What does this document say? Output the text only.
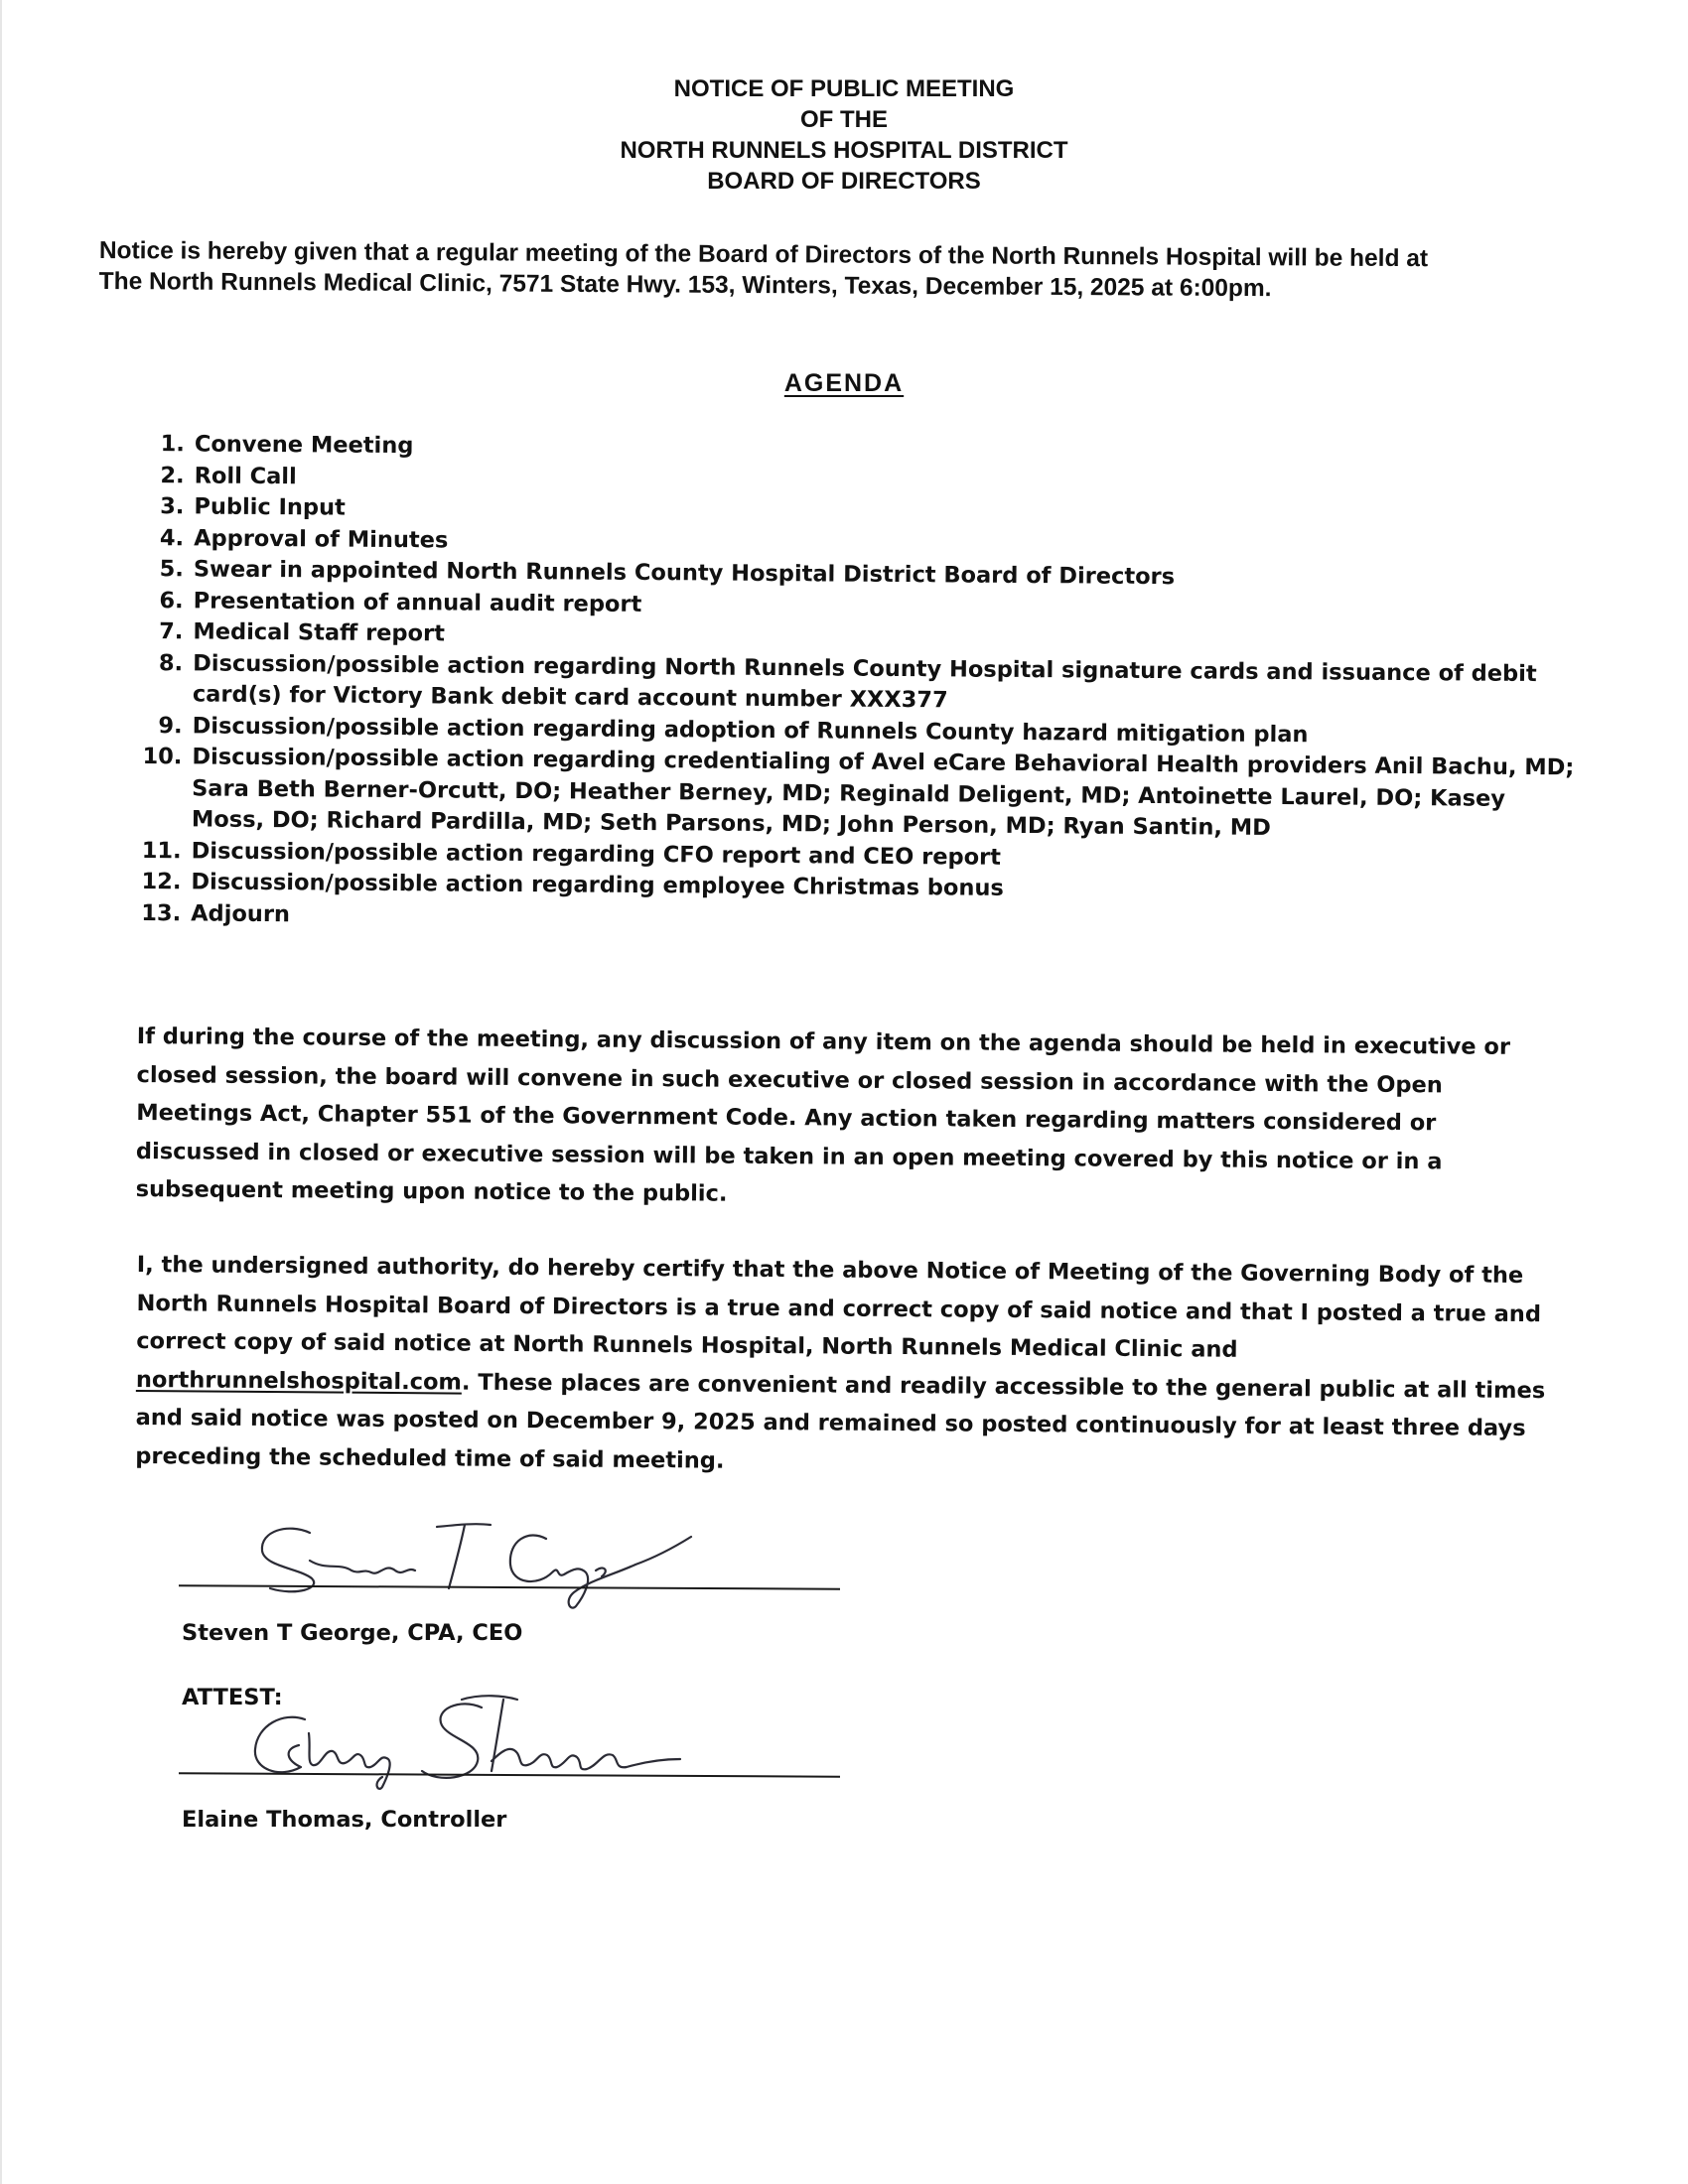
NOTICE OF PUBLIC MEETING
OF THE
NORTH RUNNELS HOSPITAL DISTRICT
BOARD OF DIRECTORS
Notice is hereby given that a regular meeting of the Board of Directors of the North Runnels Hospital will be held at
The North Runnels Medical Clinic, 7571 State Hwy. 153, Winters, Texas, December 15, 2025 at 6:00pm.
AGENDA
1. Convene Meeting
2. Roll Call
3. Public Input
4. Approval of Minutes
5. Swear in appointed North Runnels County Hospital District Board of Directors
6. Presentation of annual audit report
7. Medical Staff report
8. Discussion/possible action regarding North Runnels County Hospital signature cards and issuance of debit card(s) for Victory Bank debit card account number XXX377
9. Discussion/possible action regarding adoption of Runnels County hazard mitigation plan
10. Discussion/possible action regarding credentialing of Avel eCare Behavioral Health providers Anil Bachu, MD; Sara Beth Berner-Orcutt, DO; Heather Berney, MD; Reginald Deligent, MD; Antoinette Laurel, DO; Kasey Moss, DO; Richard Pardilla, MD; Seth Parsons, MD; John Person, MD; Ryan Santin, MD
11. Discussion/possible action regarding CFO report and CEO report
12. Discussion/possible action regarding employee Christmas bonus
13. Adjourn

If during the course of the meeting, any discussion of any item on the agenda should be held in executive or closed session, the board will convene in such executive or closed session in accordance with the Open Meetings Act, Chapter 551 of the Government Code. Any action taken regarding matters considered or discussed in closed or executive session will be taken in an open meeting covered by this notice or in a subsequent meeting upon notice to the public.

I, the undersigned authority, do hereby certify that the above Notice of Meeting of the Governing Body of the North Runnels Hospital Board of Directors is a true and correct copy of said notice and that I posted a true and correct copy of said notice at North Runnels Hospital, North Runnels Medical Clinic and northrunnelshospital.com. These places are convenient and readily accessible to the general public at all times and said notice was posted on December 9, 2025 and remained so posted continuously for at least three days preceding the scheduled time of said meeting.

Steven T George, CPA, CEO
ATTEST:
Elaine Thomas, Controller
